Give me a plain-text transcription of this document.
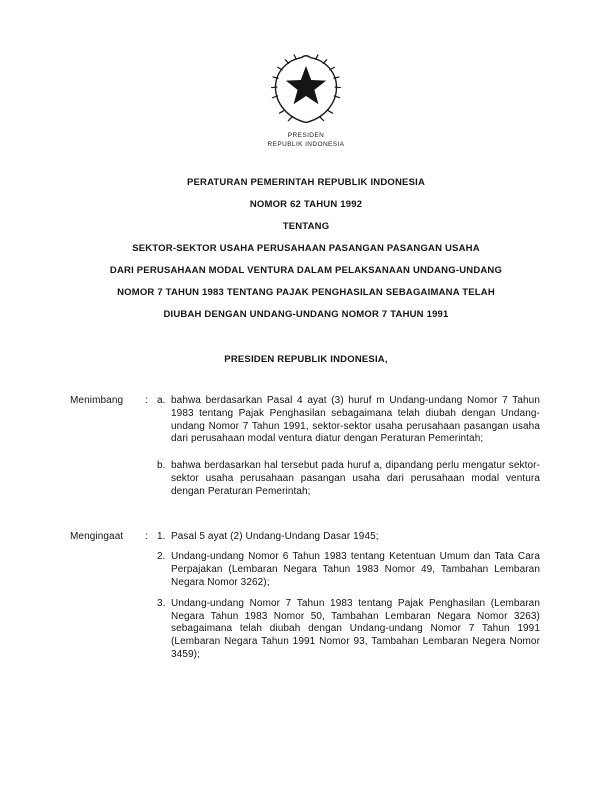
PRESIDEN
REPUBLIK INDONESIA
PERATURAN PEMERINTAH REPUBLIK INDONESIA
NOMOR 62 TAHUN 1992
TENTANG
SEKTOR-SEKTOR USAHA PERUSAHAAN PASANGAN PASANGAN USAHA
DARI PERUSAHAAN MODAL VENTURA DALAM PELAKSANAAN UNDANG-UNDANG
NOMOR 7 TAHUN 1983 TENTANG PAJAK PENGHASILAN SEBAGAIMANA TELAH
DIUBAH DENGAN UNDANG-UNDANG NOMOR 7 TAHUN 1991
PRESIDEN REPUBLIK INDONESIA,
Menimbang	: a. bahwa berdasarkan Pasal 4 ayat (3) huruf m Undang-undang Nomor 7 Tahun 1983 tentang Pajak Penghasilan sebagaimana telah diubah dengan Undang-undang Nomor 7 Tahun 1991, sektor-sektor usaha perusahaan pasangan usaha dari perusahaan modal ventura diatur dengan Peraturan Pemerintah;
b. bahwa berdasarkan hal tersebut pada huruf a, dipandang perlu mengatur sektor-sektor usaha perusahaan pasangan usaha dari perusahaan modal ventura dengan Peraturan Pemerintah;
Mengingaat	: 1. Pasal 5 ayat (2) Undang-Undang Dasar 1945;
2. Undang-undang Nomor 6 Tahun 1983 tentang Ketentuan Umum dan Tata Cara Perpajakan (Lembaran Negara Tahun 1983 Nomor 49, Tambahan Lembaran Negara Nomor 3262);
3. Undang-undang Nomor 7 Tahun 1983 tentang Pajak Penghasilan (Lembaran Negara Tahun 1983 Nomor 50, Tambahan Lembaran Negara Nomor 3263) sebagaimana telah diubah dengan Undang-undang Nomor 7 Tahun 1991 (Lembaran Negara Tahun 1991 Nomor 93, Tambahan Lembaran Negera Nomor 3459);
